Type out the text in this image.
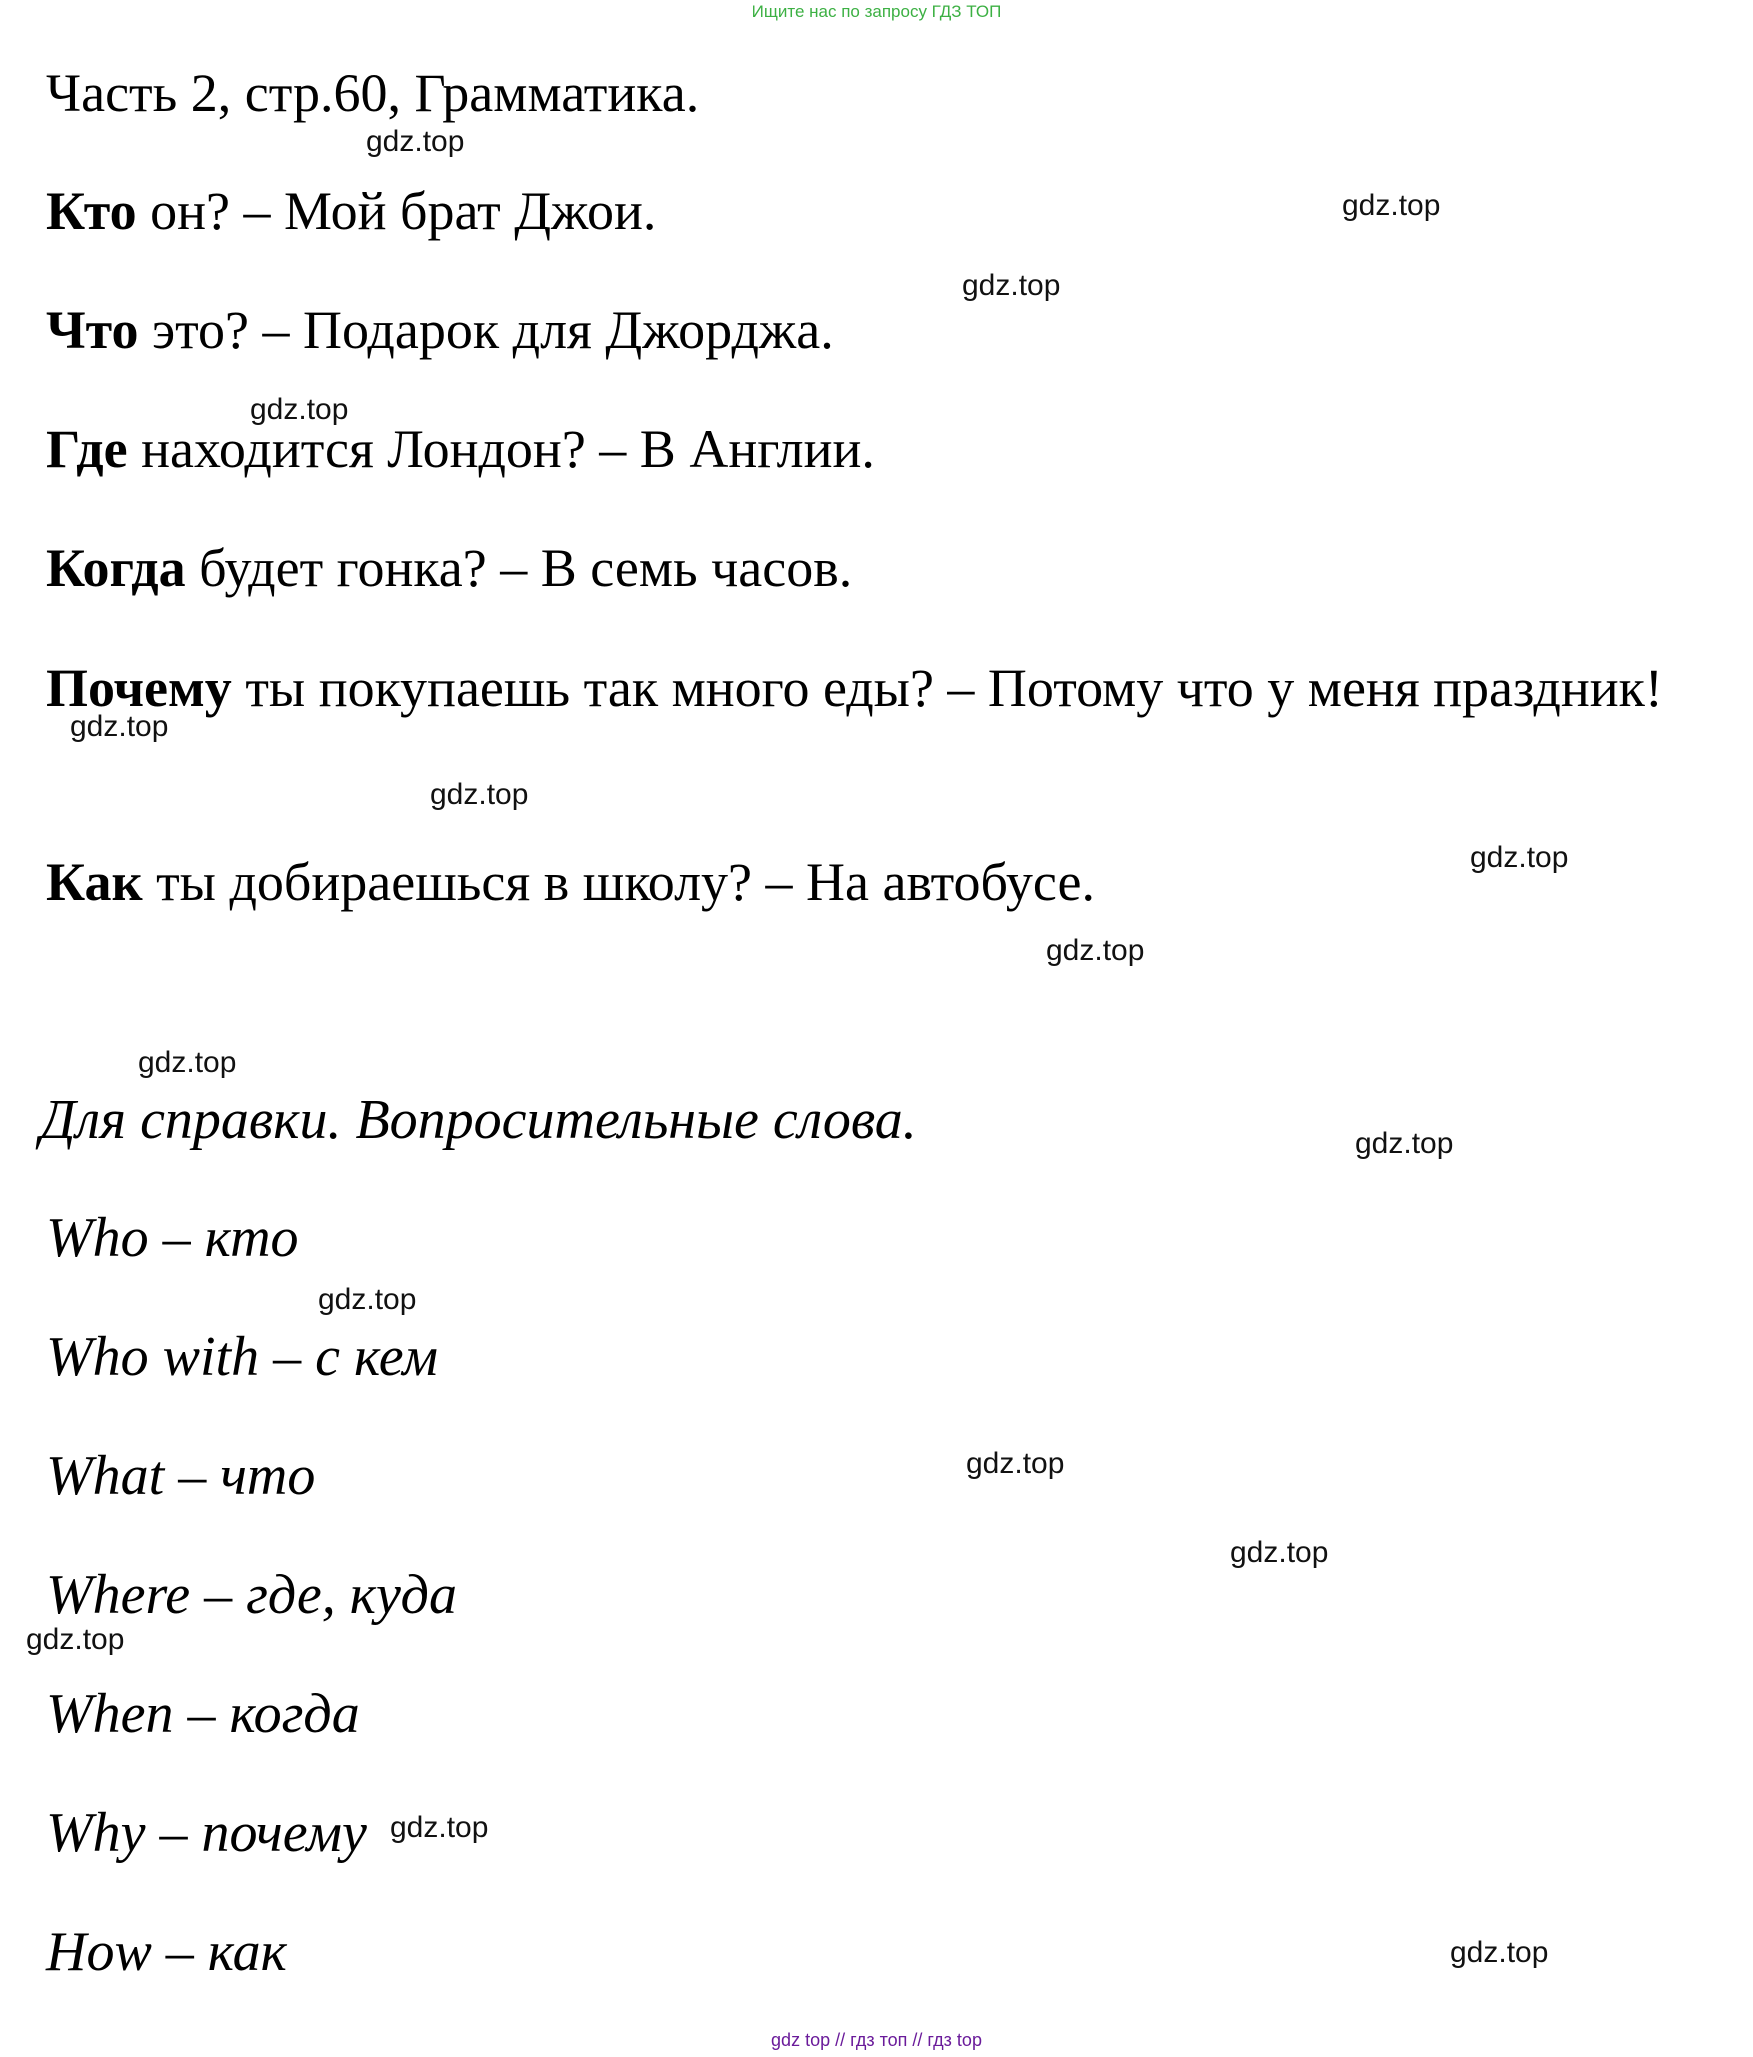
Ищите нас по запросу ГДЗ ТОП
Часть 2, стр.60, Грамматика.
Кто он? – Мой брат Джои.
Что это? – Подарок для Джорджа.
Где находится Лондон? – В Англии.
Когда будет гонка? – В семь часов.
Почему ты покупаешь так много еды? – Потому что у меня праздник!
Как ты добираешься в школу? – На автобусе.
Для справки. Вопросительные слова.
Who – кто
Who with – с кем
What – что
Where – где, куда
When – когда
Why – почему
How – как
gdz.top
gdz.top
gdz.top
gdz.top
gdz.top
gdz.top
gdz.top
gdz.top
gdz.top
gdz.top
gdz.top
gdz.top
gdz.top
gdz.top
gdz.top
gdz.top
gdz top // гдз топ // гдз top
